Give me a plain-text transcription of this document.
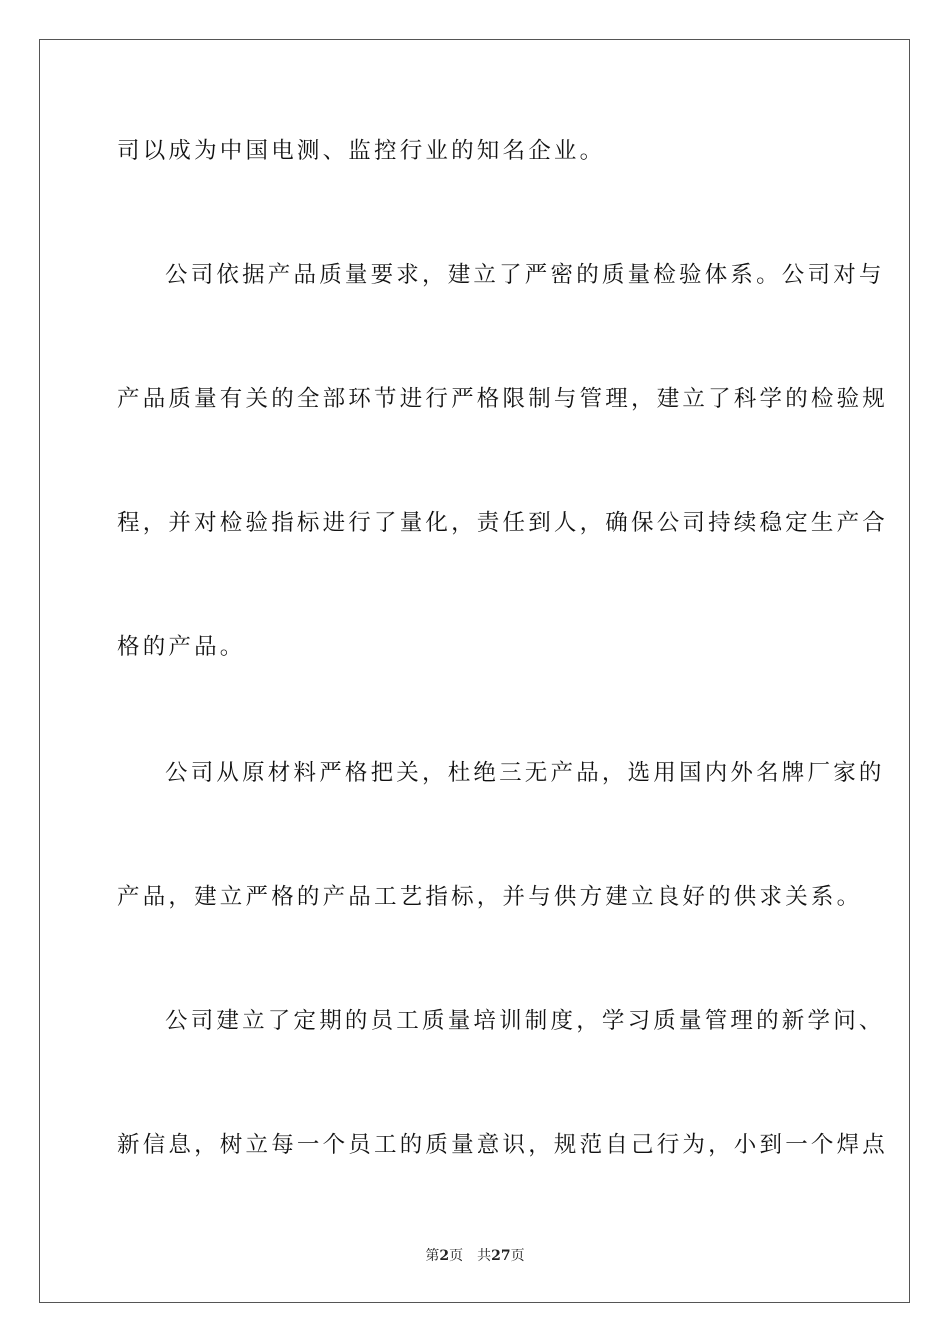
司以成为中国电测、监控行业的知名企业。
公司依据产品质量要求，建立了严密的质量检验体系。公司对与
产品质量有关的全部环节进行严格限制与管理，建立了科学的检验规
程，并对检验指标进行了量化，责任到人，确保公司持续稳定生产合
格的产品。
公司从原材料严格把关，杜绝三无产品，选用国内外名牌厂家的
产品，建立严格的产品工艺指标，并与供方建立良好的供求关系。
公司建立了定期的员工质量培训制度，学习质量管理的新学问、
新信息，树立每一个员工的质量意识，规范自己行为，小到一个焊点
第2页 共27页
